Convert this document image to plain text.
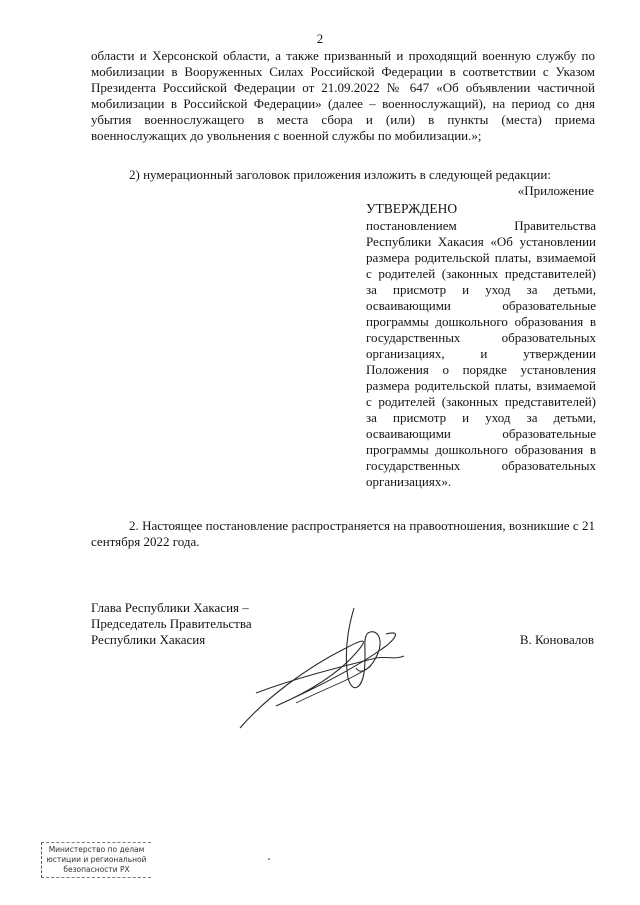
2
области и Херсонской области, а также призванный и проходящий военную службу по мобилизации в Вооруженных Силах Российской Федерации в соответствии с Указом Президента Российской Федерации от 21.09.2022 № 647 «Об объявлении частичной мобилизации в Российской Федерации» (далее – военнослужащий), на период со дня убытия военнослужащего в места сбора и (или) в пункты (места) приема военнослужащих до увольнения с военной службы по мобилизации.»;
2) нумерационный заголовок приложения изложить в следующей редакции:
«Приложение
УТВЕРЖДЕНО
постановлением Правительства Республики Хакасия «Об установлении размера родительской платы, взимаемой с родителей (законных представителей) за присмотр и уход за детьми, осваивающими образовательные программы дошкольного образования в государственных образовательных организациях, и утверждении Положения о порядке установления размера родительской платы, взимаемой с родителей (законных представителей) за присмотр и уход за детьми, осваивающими образовательные программы дошкольного образования в государственных образовательных
организациях».
2. Настоящее постановление распространяется на правоотношения, возникшие с 21 сентября 2022 года.
Глава Республики Хакасия –
Председатель Правительства
Республики Хакасия	В. Коновалов
Министерство по делам
юстиции и региональной
безопасности РХ
